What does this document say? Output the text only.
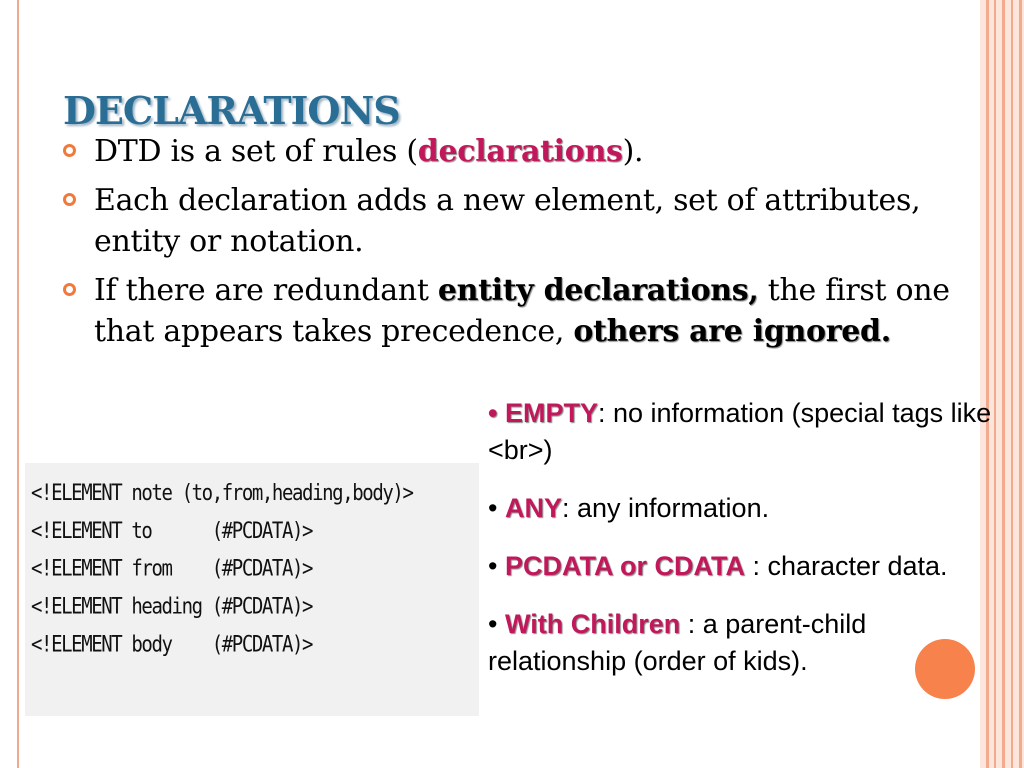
DECLARATIONS
DTD is a set of rules (declarations).
Each declaration adds a new element, set of attributes, entity or notation.
If there are redundant entity declarations, the first one that appears takes precedence, others are ignored.
<!ELEMENT note (to,from,heading,body)>
<!ELEMENT to      (#PCDATA)>
<!ELEMENT from    (#PCDATA)>
<!ELEMENT heading (#PCDATA)>
<!ELEMENT body    (#PCDATA)>
• EMPTY: no information (special tags like <br>)
• ANY: any information.
• PCDATA or CDATA : character data.
• With Children : a parent-child relationship (order of kids).
